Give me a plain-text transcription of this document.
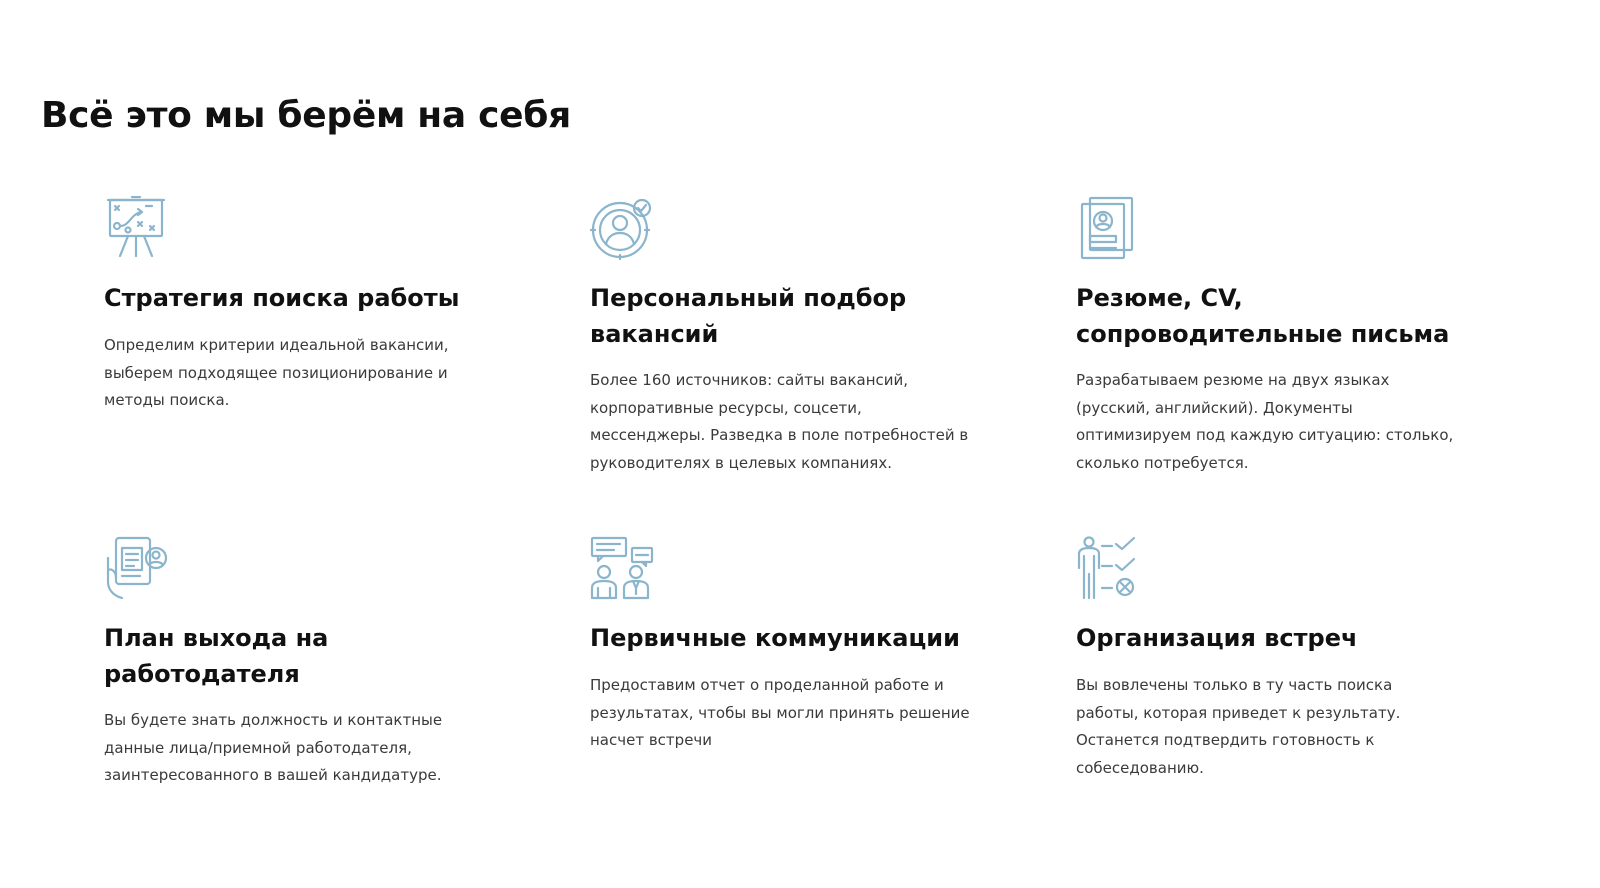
Всё это мы берём на себя
Стратегия поиска работы

Определим критерии идеальной вакансии, выберем подходящее позиционирование и методы поиска.

Персональный подбор вакансий

Более 160 источников: сайты вакансий, корпоративные ресурсы, соцсети, мессенджеры. Разведка в поле потребностей в руководителях в целевых компаниях.

Резюме, CV, сопроводительные письма

Разрабатываем резюме на двух языках (русский, английский). Документы оптимизируем под каждую ситуацию: столько, сколько потребуется.

План выхода на работодателя

Вы будете знать должность и контактные данные лица/приемной работодателя, заинтересованного в вашей кандидатуре.

Первичные коммуникации

Предоставим отчет о проделанной работе и результатах, чтобы вы могли принять решение насчет встречи

Организация встреч

Вы вовлечены только в ту часть поиска работы, которая приведет к результату. Останется подтвердить готовность к собеседованию.
